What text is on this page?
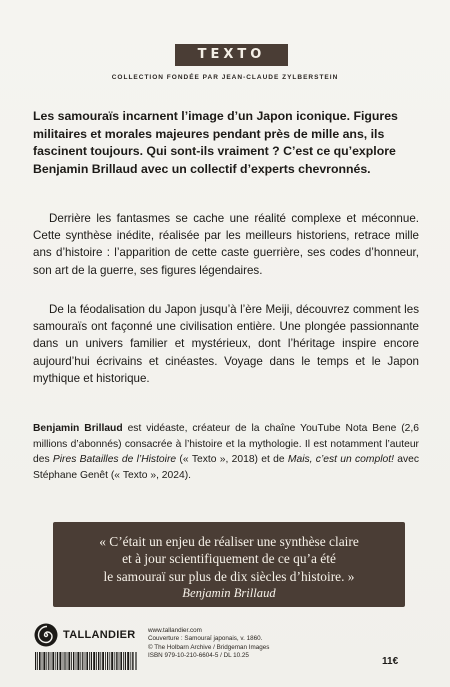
TEXTO
COLLECTION FONDÉE PAR JEAN-CLAUDE ZYLBERSTEIN

Les samouraïs incarnent l’image d’un Japon iconique. Figures militaires et morales majeures pendant près de mille ans, ils fascinent toujours. Qui sont-ils vraiment ? C’est ce qu’explore Benjamin Brillaud avec un collectif d’experts chevronnés.

Derrière les fantasmes se cache une réalité complexe et méconnue. Cette synthèse inédite, réalisée par les meilleurs historiens, retrace mille ans d’histoire : l’apparition de cette caste guerrière, ses codes d’honneur, son art de la guerre, ses figures légendaires.

De la féodalisation du Japon jusqu’à l’ère Meiji, découvrez comment les samouraïs ont façonné une civilisation entière. Une plongée passionnante dans un univers familier et mystérieux, dont l’héritage inspire encore aujourd’hui écrivains et cinéastes. Voyage dans le temps et le Japon mythique et historique.

Benjamin Brillaud est vidéaste, créateur de la chaîne YouTube Nota Bene (2,6 millions d’abonnés) consacrée à l’histoire et la mythologie. Il est notamment l’auteur des Pires Batailles de l’Histoire (« Texto », 2018) et de Mais, c’est un complot! avec Stéphane Genêt (« Texto », 2024).

« C’était un enjeu de réaliser une synthèse claire
et à jour scientifiquement de ce qu’a été
le samouraï sur plus de dix siècles d’histoire. »

Benjamin Brillaud
TALLANDIER www.tallandier.com
Couverture : Samouraï japonais, v. 1860.
© The Holbarn Archive / Bridgeman Images
ISBN 979-10-210-6604-5 / DL 10.25
11€
